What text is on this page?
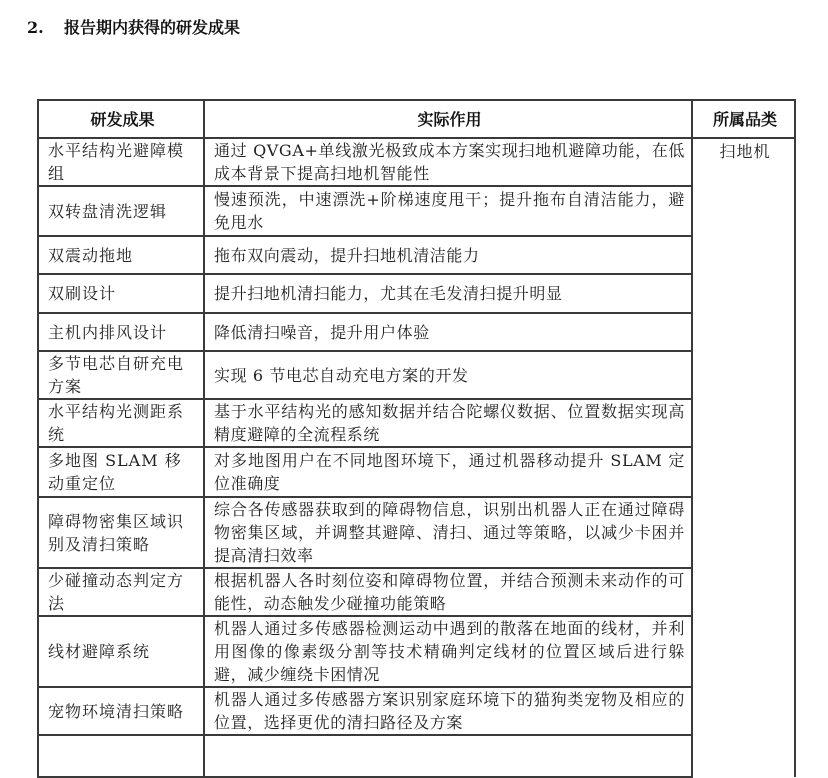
2. 报告期内获得的研发成果
研发成果	实际作用	所属品类
水平结构光避障模组	通过 QVGA+单线激光极致成本方案实现扫地机避障功能，在低成本背景下提高扫地机智能性	扫地机
双转盘清洗逻辑	慢速预洗，中速漂洗+阶梯速度甩干；提升拖布自清洁能力，避免甩水	
双震动拖地	拖布双向震动，提升扫地机清洁能力	
双刷设计	提升扫地机清扫能力，尤其在毛发清扫提升明显	
主机内排风设计	降低清扫噪音，提升用户体验	
多节电芯自研充电方案	实现 6 节电芯自动充电方案的开发	
水平结构光测距系统	基于水平结构光的感知数据并结合陀螺仪数据、位置数据实现高精度避障的全流程系统	
多地图 SLAM 移动重定位	对多地图用户在不同地图环境下，通过机器移动提升 SLAM 定位准确度	
障碍物密集区域识别及清扫策略	综合各传感器获取到的障碍物信息，识别出机器人正在通过障碍物密集区域，并调整其避障、清扫、通过等策略，以减少卡困并提高清扫效率	
少碰撞动态判定方法	根据机器人各时刻位姿和障碍物位置，并结合预测未来动作的可能性，动态触发少碰撞功能策略	
线材避障系统	机器人通过多传感器检测运动中遇到的散落在地面的线材，并利用图像的像素级分割等技术精确判定线材的位置区域后进行躲避，减少缠绕卡困情况	
宠物环境清扫策略	机器人通过多传感器方案识别家庭环境下的猫狗类宠物及相应的位置，选择更优的清扫路径及方案	
